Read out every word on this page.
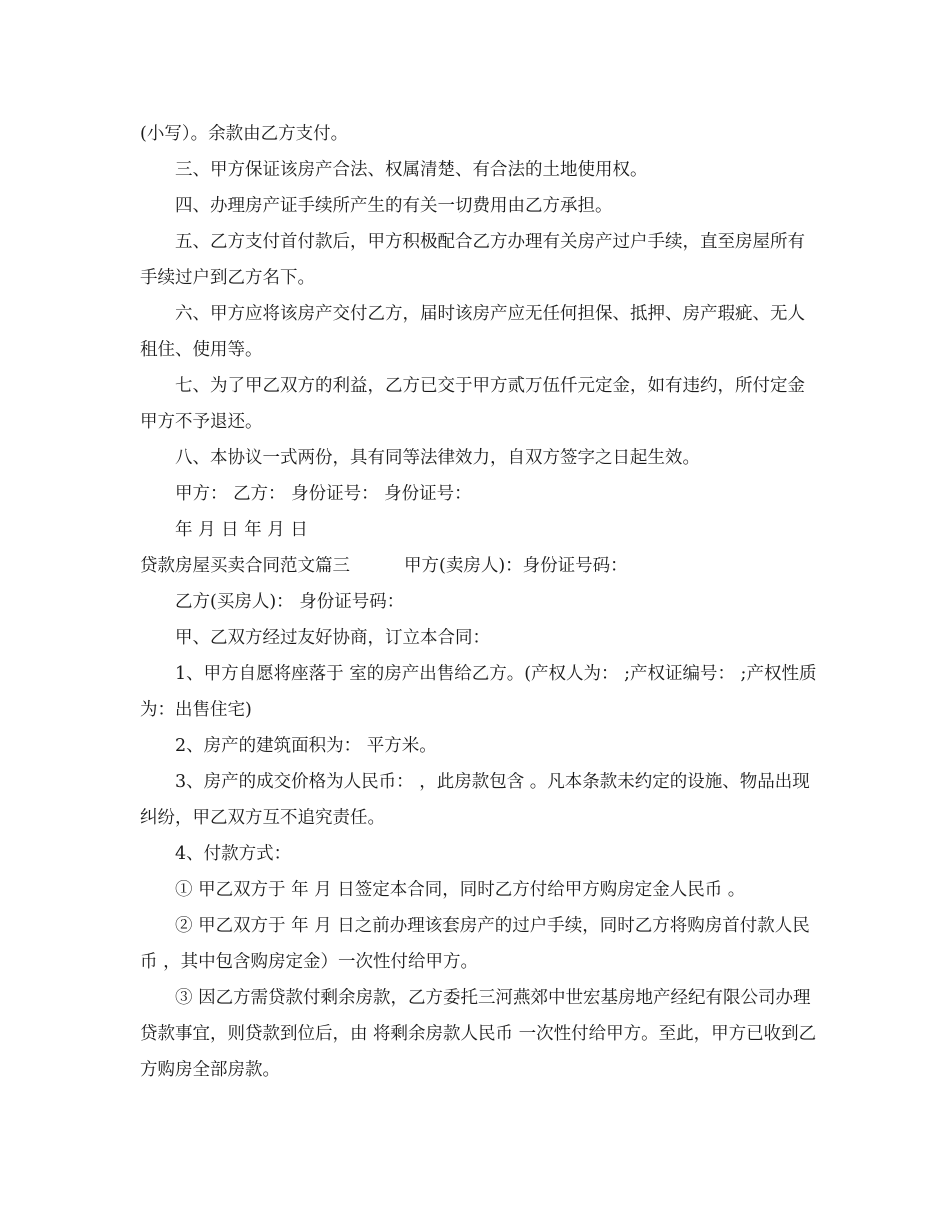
(小写）。余款由乙方支付。

三、甲方保证该房产合法、权属清楚、有合法的土地使用权。

四、办理房产证手续所产生的有关一切费用由乙方承担。

五、乙方支付首付款后，甲方积极配合乙方办理有关房产过户手续，直至房屋所有手续过户到乙方名下。

六、甲方应将该房产交付乙方，届时该房产应无任何担保、抵押、房产瑕疵、无人租住、使用等。

七、为了甲乙双方的利益，乙方已交于甲方贰万伍仟元定金，如有违约，所付定金甲方不予退还。

八、本协议一式两份，具有同等法律效力，自双方签字之日起生效。

甲方： 乙方： 身份证号： 身份证号：

年 月 日 年 月 日

贷款房屋买卖合同范文篇三	甲方(卖房人)：身份证号码：

乙方(买房人)： 身份证号码：

甲、乙双方经过友好协商，订立本合同：

1、甲方自愿将座落于 室的房产出售给乙方。(产权人为： ;产权证编号： ;产权性质为：出售住宅)

2、房产的建筑面积为： 平方米。

3、房产的成交价格为人民币： ，此房款包含 。凡本条款未约定的设施、物品出现纠纷，甲乙双方互不追究责任。

4、付款方式：

① 甲乙双方于 年 月 日签定本合同，同时乙方付给甲方购房定金人民币 。

② 甲乙双方于 年 月 日之前办理该套房产的过户手续，同时乙方将购房首付款人民币 ，其中包含购房定金）一次性付给甲方。

③ 因乙方需贷款付剩余房款，乙方委托三河燕郊中世宏基房地产经纪有限公司办理贷款事宜，则贷款到位后，由 将剩余房款人民币 一次性付给甲方。至此，甲方已收到乙方购房全部房款。
